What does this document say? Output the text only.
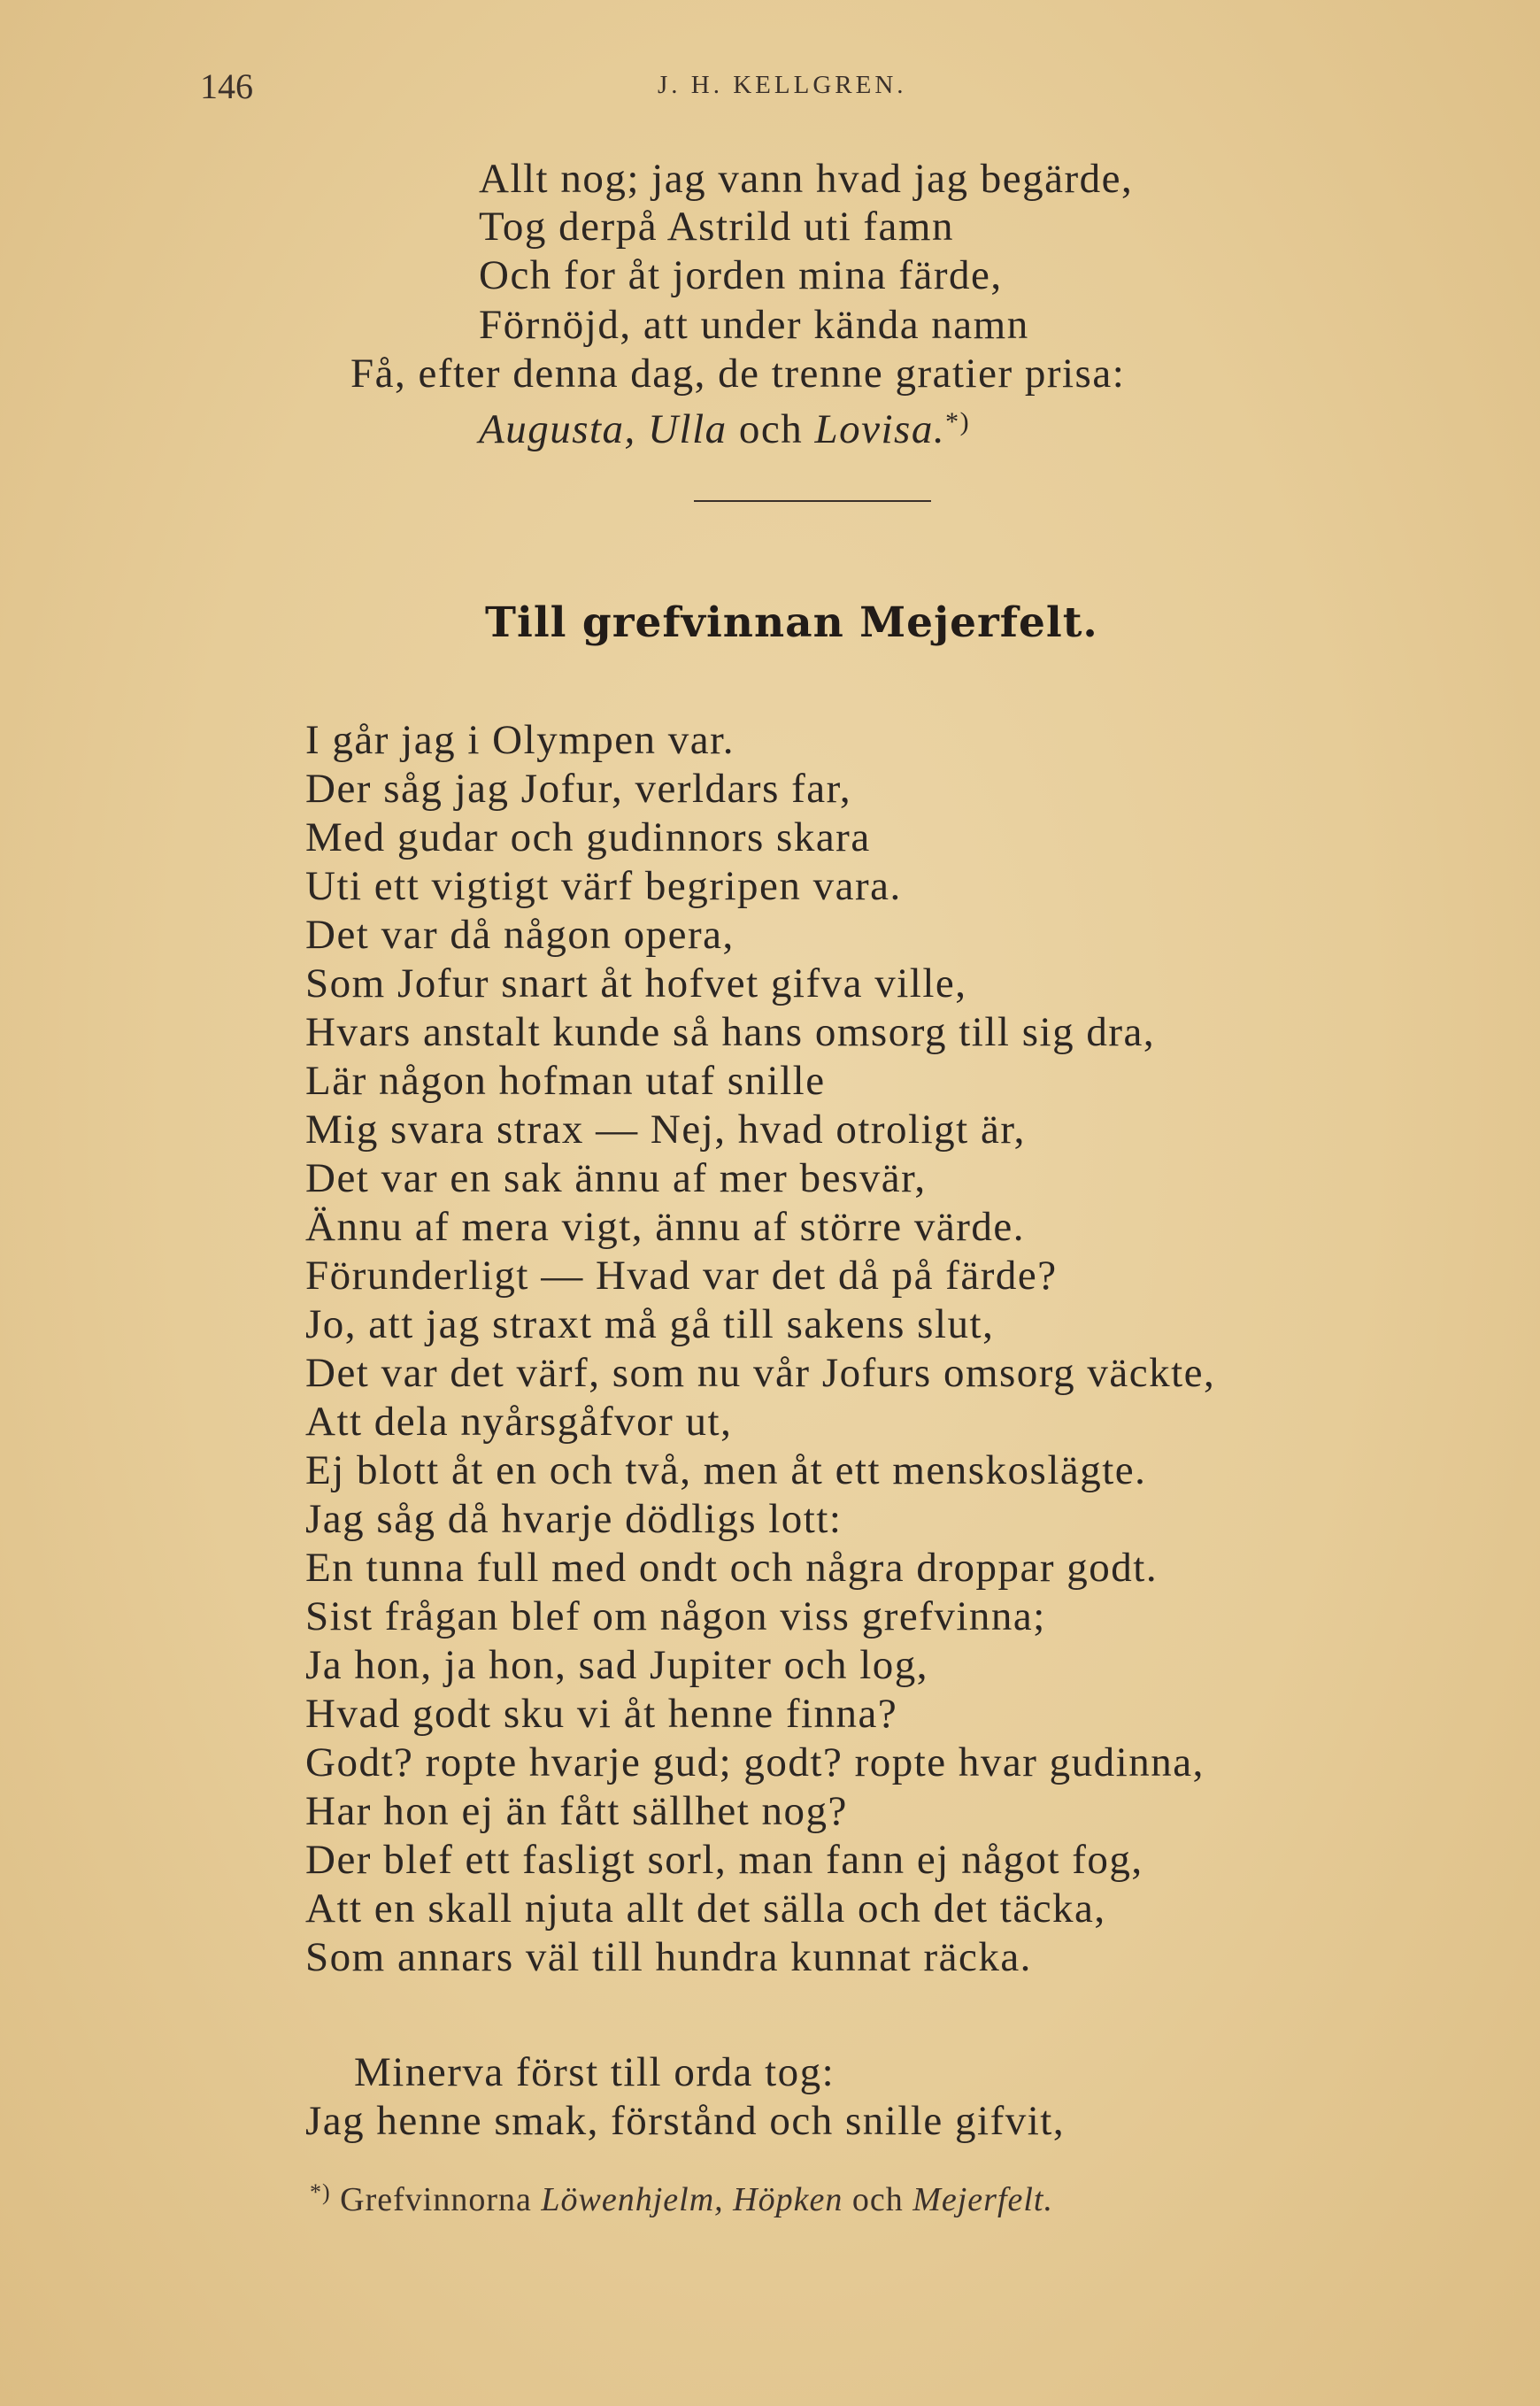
146	J. H. KELLGREN.
Allt nog; jag vann hvad jag begärde,
Tog derpå Astrild uti famn
Och for åt jorden mina färde,
Förnöjd, att under kända namn
Få, efter denna dag, de trenne gratier prisa:
Augusta, Ulla och Lovisa.*)
Till grefvinnan Mejerfelt.
I går jag i Olympen var.
Der såg jag Jofur, verldars far,
Med gudar och gudinnors skara
Uti ett vigtigt värf begripen vara.
Det var då någon opera,
Som Jofur snart åt hofvet gifva ville,
Hvars anstalt kunde så hans omsorg till sig dra,
Lär någon hofman utaf snille
Mig svara strax — Nej, hvad otroligt är,
Det var en sak ännu af mer besvär,
Ännu af mera vigt, ännu af större värde.
Förunderligt — Hvad var det då på färde?
Jo, att jag straxt må gå till sakens slut,
Det var det värf, som nu vår Jofurs omsorg väckte,
Att dela nyårsgåfvor ut,
Ej blott åt en och två, men åt ett menskoslägte.
Jag såg då hvarje dödligs lott:
En tunna full med ondt och några droppar godt.
Sist frågan blef om någon viss grefvinna;
Ja hon, ja hon, sad Jupiter och log,
Hvad godt sku vi åt henne finna?
Godt? ropte hvarje gud; godt? ropte hvar gudinna,
Har hon ej än fått sällhet nog?
Der blef ett fasligt sorl, man fann ej något fog,
Att en skall njuta allt det sälla och det täcka,
Som annars väl till hundra kunnat räcka.
Minerva först till orda tog:
Jag henne smak, förstånd och snille gifvit,
*) Grefvinnorna Löwenhjelm, Höpken och Mejerfelt.
